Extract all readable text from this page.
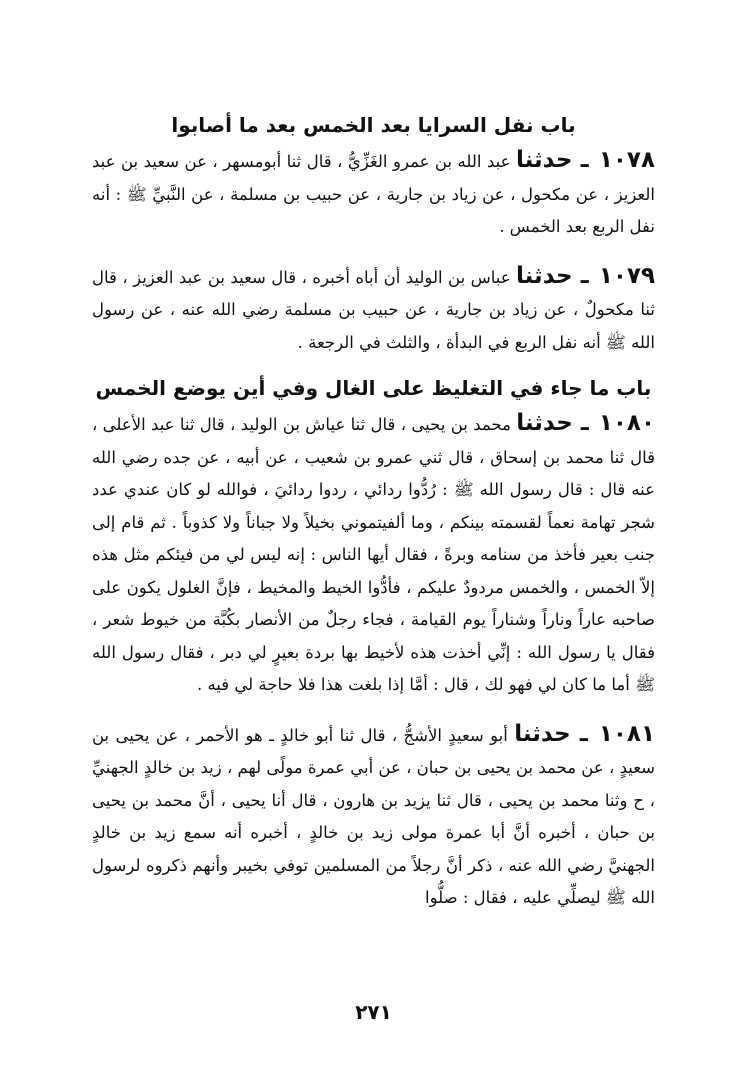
باب نفل السرايا بعد الخمس بعد ما أصابوا

١٠٧٨ ـ حدثنا عبد الله بن عمرو الغَزِّيُّ ، قال ثنا أبومسهر ، عن سعيد بن عبد العزيز ، عن مكحول ، عن زياد بن جارية ، عن حبيب بن مسلمة ، عن النَّبيِّ ﷺ : أنه نفل الربع بعد الخمس .

١٠٧٩ ـ حدثنا عباس بن الوليد أن أباه أخبره ، قال سعيد بن عبد العزيز ، قال ثنا مكحولٌ ، عن زياد بن جارية ، عن حبيب بن مسلمة رضي الله عنه ، عن رسول الله ﷺ أنه نفل الربع في البدأة ، والثلث في الرجعة .

باب ما جاء في التغليظ على الغال وفي أين يوضع الخمس

١٠٨٠ ـ حدثنا محمد بن يحيى ، قال ثنا عياش بن الوليد ، قال ثنا عبد الأعلى ، قال ثنا محمد بن إسحاق ، قال ثني عمرو بن شعيب ، عن أبيه ، عن جده رضي الله عنه قال : قال رسول الله ﷺ : رُدُّوا ردائي ، ردوا ردائيَ ، فوالله لو كان عندي عدد شجر تهامة نعماً لقسمته بينكم ، وما ألفيتموني بخيلاً ولا جباناً ولا كذوباً . ثم قام إلى جنب بعير فأخذ من سنامه وبرةً ، فقال أيها الناس : إنه ليس لي من فيئكم مثل هذه إلاّ الخمس ، والخمس مردودٌ عليكم ، فأدُّوا الخيط والمخيط ، فإنَّ الغلول يكون على صاحبه عاراً وناراً وشناراً يوم القيامة ، فجاء رجلٌ من الأنصار بكُبَّة من خيوط شعر ، فقال يا رسول الله : إنِّي أخذت هذه لأخيط بها بردة بعيرٍ لي دبر ، فقال رسول الله ﷺ أما ما كان لي فهو لك ، قال : أمَّا إذا بلغت هذا فلا حاجة لي فيه .

١٠٨١ ـ حدثنا أبو سعيدٍ الأشجُّ ، قال ثنا أبو خالدٍ ـ هو الأحمر ، عن يحيى بن سعيدٍ ، عن محمد بن يحيى بن حبان ، عن أبي عمرة مولًى لهم ، زيد بن خالدٍ الجهنيِّ ، ح وثنا محمد بن يحيى ، قال ثنا يزيد بن هارون ، قال أنا يحيى ، أنَّ محمد بن يحيى بن حبان ، أخبره أنَّ أبا عمرة مولى زيد بن خالدٍ ، أخبره أنه سمع زيد بن خالدٍ الجهنيَّ رضي الله عنه ، ذكر أنَّ رجلاً من المسلمين توفي بخيبر وأنهم ذكروه لرسول الله ﷺ ليصلِّي عليه ، فقال : صلُّوا

٢٧١
